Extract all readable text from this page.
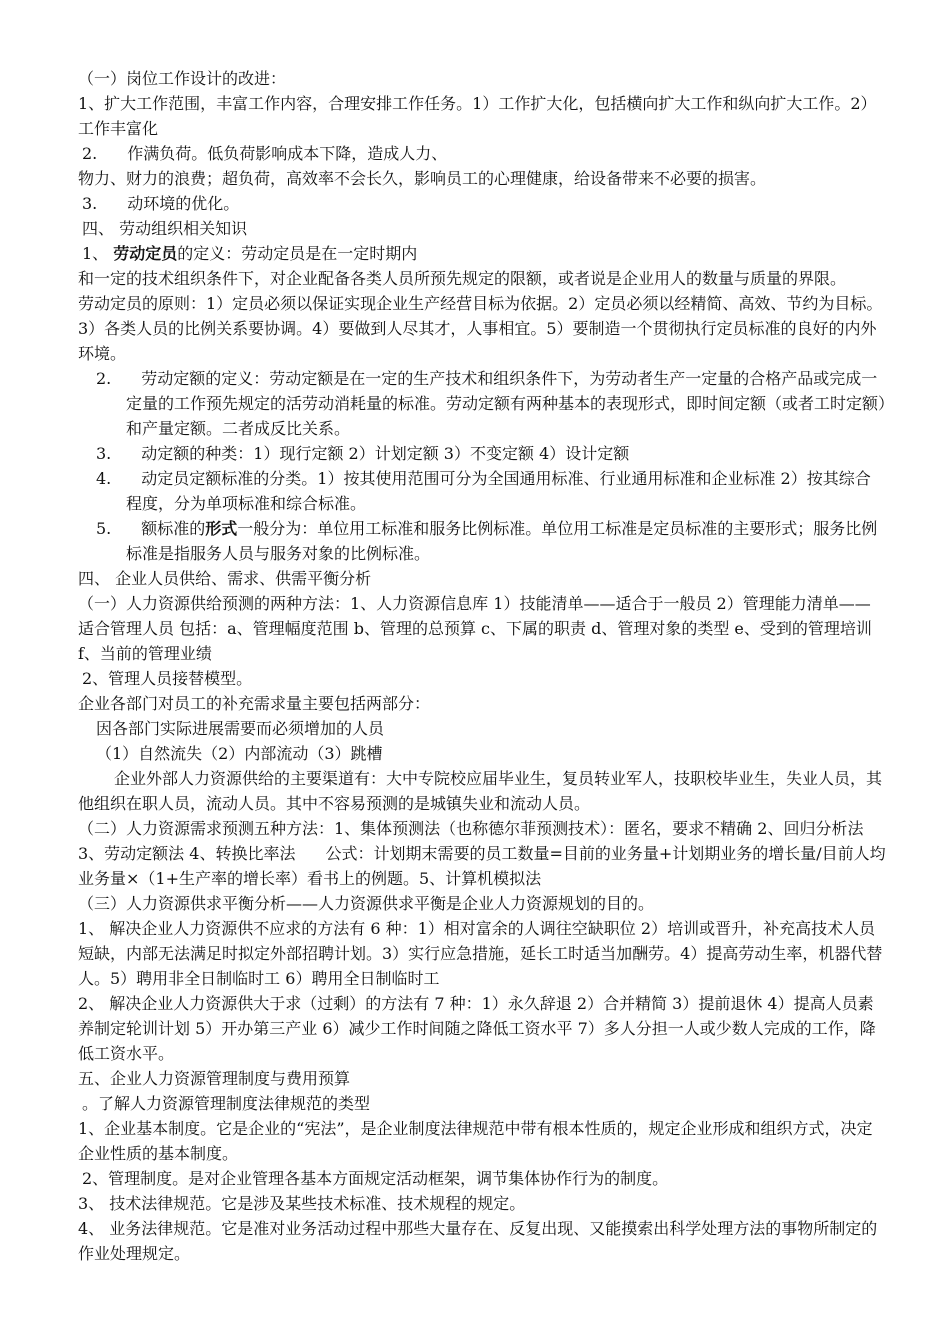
（一）岗位工作设计的改进：

1、扩大工作范围，丰富工作内容，合理安排工作任务。1）工作扩大化，包括横向扩大工作和纵向扩大工作。2）工作丰富化

2. 作满负荷。低负荷影响成本下降，造成人力、

物力、财力的浪费；超负荷，高效率不会长久，影响员工的心理健康，给设备带来不必要的损害。

3. 动环境的优化。

四、 劳动组织相关知识

1、 劳动定员的定义：劳动定员是在一定时期内

和一定的技术组织条件下，对企业配备各类人员所预先规定的限额，或者说是企业用人的数量与质量的界限。

劳动定员的原则：1）定员必须以保证实现企业生产经营目标为依据。2）定员必须以经精简、高效、节约为目标。3）各类人员的比例关系要协调。4）要做到人尽其才，人事相宜。5）要制造一个贯彻执行定员标准的良好的内外环境。

2. 劳动定额的定义：劳动定额是在一定的生产技术和组织条件下，为劳动者生产一定量的合格产品或完成一定量的工作预先规定的活劳动消耗量的标准。劳动定额有两种基本的表现形式，即时间定额（或者工时定额）和产量定额。二者成反比关系。

3. 动定额的种类：1）现行定额 2）计划定额 3）不变定额 4）设计定额

4. 动定员定额标准的分类。1）按其使用范围可分为全国通用标准、行业通用标准和企业标准 2）按其综合程度，分为单项标准和综合标准。

5. 额标准的形式一般分为：单位用工标准和服务比例标准。单位用工标准是定员标准的主要形式；服务比例标准是指服务人员与服务对象的比例标准。

四、 企业人员供给、需求、供需平衡分析

（一）人力资源供给预测的两种方法：1、人力资源信息库 1）技能清单——适合于一般员 2）管理能力清单——适合管理人员 包括：a、管理幅度范围 b、管理的总预算 c、下属的职责 d、管理对象的类型 e、受到的管理培训 f、当前的管理业绩

2、管理人员接替模型。

企业各部门对员工的补充需求量主要包括两部分：

因各部门实际进展需要而必须增加的人员

（1）自然流失（2）内部流动（3）跳槽

企业外部人力资源供给的主要渠道有：大中专院校应届毕业生，复员转业军人，技职校毕业生，失业人员，其他组织在职人员，流动人员。其中不容易预测的是城镇失业和流动人员。

（二）人力资源需求预测五种方法：1、集体预测法（也称德尔菲预测技术）：匿名，要求不精确 2、回归分析法 3、劳动定额法 4、转换比率法 公式：计划期末需要的员工数量=目前的业务量+计划期业务的增长量/目前人均业务量×（1+生产率的增长率）看书上的例题。5、计算机模拟法

（三）人力资源供求平衡分析——人力资源供求平衡是企业人力资源规划的目的。

1、 解决企业人力资源供不应求的方法有 6 种：1）相对富余的人调往空缺职位 2）培训或晋升，补充高技术人员短缺，内部无法满足时拟定外部招聘计划。3）实行应急措施，延长工时适当加酬劳。4）提高劳动生率，机器代替人。5）聘用非全日制临时工 6）聘用全日制临时工

2、 解决企业人力资源供大于求（过剩）的方法有 7 种：1）永久辞退 2）合并精简 3）提前退休 4）提高人员素养制定轮训计划 5）开办第三产业 6）减少工作时间随之降低工资水平 7）多人分担一人或少数人完成的工作，降低工资水平。

五、企业人力资源管理制度与费用预算

。了解人力资源管理制度法律规范的类型

1、企业基本制度。它是企业的“宪法”，是企业制度法律规范中带有根本性质的，规定企业形成和组织方式，决定企业性质的基本制度。

2、管理制度。是对企业管理各基本方面规定活动框架，调节集体协作行为的制度。

3、 技术法律规范。它是涉及某些技术标准、技术规程的规定。

4、 业务法律规范。它是准对业务活动过程中那些大量存在、反复出现、又能摸索出科学处理方法的事物所制定的作业处理规定。
